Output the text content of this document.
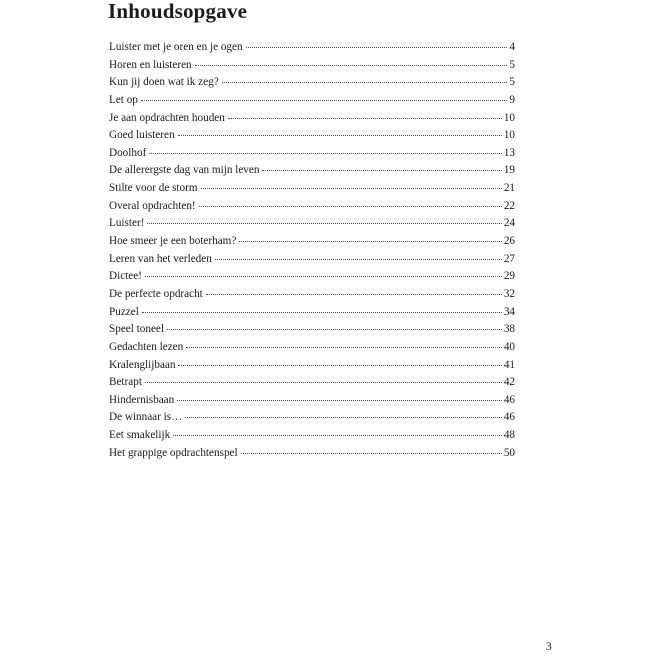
Inhoudsopgave
Luister met je oren en je ogen	4
Horen en luisteren	5
Kun jij doen wat ik zeg?	5
Let op	9
Je aan opdrachten houden	10
Goed luisteren	10
Doolhof	13
De allerergste dag van mijn leven	19
Stilte voor de storm	21
Overal opdrachten!	22
Luister!	24
Hoe smeer je een boterham?	26
Leren van het verleden	27
Dictee!	29
De perfecte opdracht	32
Puzzel	34
Speel toneel	38
Gedachten lezen	40
Kralenglijbaan	41
Betrapt	42
Hindernisbaan	46
De winnaar is…	46
Eet smakelijk	48
Het grappige opdrachtenspel	50
3
